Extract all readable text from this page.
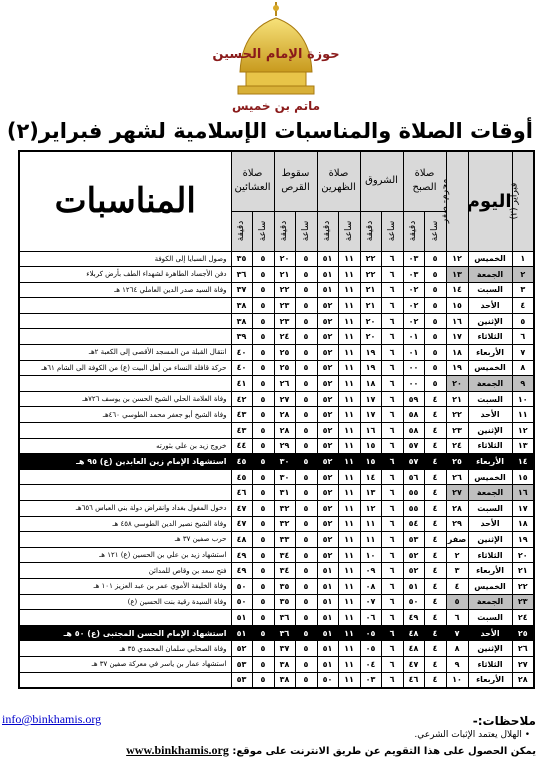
حوزة الإمام الحسين
ماتم بن خميس
أوقات الصلاة والمناسبات الإسلامية لشهر فبراير(٢)
فبراير (٢)	اليوم	محرم- صفر	صلاة الصبح		الشروق		صلاة الظهرين		سقوط القرص		صلاة العشائين		المناسبات
			ساعة	دقيقة	ساعة	دقيقة	ساعة	دقيقة	ساعة	دقيقة	ساعة	دقيقة	
١	الخميس	١٢	٥	٠٣	٦	٢٢	١١	٥١	٥	٢٠	٥	٣٥	وصول السبايا إلى الكوفة
٢	الجمعة	١٣	٥	٠٣	٦	٢٢	١١	٥١	٥	٢١	٥	٣٦	دفن الأجساد الطاهرة لشهداء الطف بأرض كربلاء
٣	السبت	١٤	٥	٠٢	٦	٢١	١١	٥١	٥	٢٢	٥	٣٧	وفاة السيد صدر الدين العاملي ١٢٦٤ هـ
٤	الأحد	١٥	٥	٠٢	٦	٢١	١١	٥٢	٥	٢٣	٥	٣٨	
٥	الإثنين	١٦	٥	٠٢	٦	٢٠	١١	٥٢	٥	٢٣	٥	٣٨	
٦	الثلاثاء	١٧	٥	٠١	٦	٢٠	١١	٥٢	٥	٢٤	٥	٣٩	
٧	الأربعاء	١٨	٥	٠١	٦	١٩	١١	٥٢	٥	٢٥	٥	٤٠	انتقال القبلة من المسجد الأقصى إلى الكعبة ٢هـ
٨	الخميس	١٩	٥	٠٠	٦	١٩	١١	٥٢	٥	٢٥	٥	٤٠	حركة قافلة النساء من أهل البيت (ع) من الكوفة الى الشام ٦١هـ
٩	الجمعة	٢٠	٥	٠٠	٦	١٨	١١	٥٢	٥	٢٦	٥	٤١	
١٠	السبت	٢١	٤	٥٩	٦	١٧	١١	٥٢	٥	٢٧	٥	٤٢	وفاة العلامة الحلي الشيخ الحسن بن يوسف ٧٢٦هـ
١١	الأحد	٢٢	٤	٥٨	٦	١٧	١١	٥٢	٥	٢٨	٥	٤٣	وفاة الشيخ أبو جعفر محمد الطوسي ٤٦٠هـ
١٢	الإثنين	٢٣	٤	٥٨	٦	١٦	١١	٥٢	٥	٢٨	٥	٤٣	
١٣	الثلاثاء	٢٤	٤	٥٧	٦	١٥	١١	٥٢	٥	٢٩	٥	٤٤	خروج زيد بن علي بثورته
١٤	الأربعاء	٢٥	٤	٥٧	٦	١٥	١١	٥٢	٥	٣٠	٥	٤٥	استشهاد الإمام زين العابدين (ع) ٩٥ هـ
١٥	الخميس	٢٦	٤	٥٦	٦	١٤	١١	٥٢	٥	٣٠	٥	٤٥	
١٦	الجمعة	٢٧	٤	٥٥	٦	١٣	١١	٥٢	٥	٣١	٥	٤٦	
١٧	السبت	٢٨	٤	٥٥	٦	١٢	١١	٥٢	٥	٣٢	٥	٤٧	دخول المغول بغداد وانقراض دولة بني العباس ٦٥٦هـ
١٨	الأحد	٢٩	٤	٥٤	٦	١١	١١	٥٢	٥	٣٢	٥	٤٧	وفاة الشيخ نصير الدين الطوسي ٤٥٨ هـ
١٩	الإثنين	صفر	٤	٥٣	٦	١١	١١	٥٢	٥	٣٣	٥	٤٨	حرب صفين ٣٧ هـ
٢٠	الثلاثاء	٢	٤	٥٢	٦	١٠	١١	٥٢	٥	٣٤	٥	٤٩	استشهاد زيد بن علي بن الحسين (ع) ١٢١ هـ
٢١	الأربعاء	٣	٤	٥٢	٦	٠٩	١١	٥١	٥	٣٤	٥	٤٩	فتح سعد بن وقاص للمدائن
٢٢	الخميس	٤	٤	٥١	٦	٠٨	١١	٥١	٥	٣٥	٥	٥٠	وفاة الخليفة الأموي عمر بن عبد العزيز ١٠١ هـ
٢٣	الجمعة	٥	٤	٥٠	٦	٠٧	١١	٥١	٥	٣٥	٥	٥٠	وفاة السيدة رقية بنت الحسين (ع)
٢٤	السبت	٦	٤	٤٩	٦	٠٦	١١	٥١	٥	٣٦	٥	٥١	
٢٥	الأحد	٧	٤	٤٨	٦	٠٥	١١	٥١	٥	٣٦	٥	٥١	استشهاد الإمام الحسن المجتبى (ع) ٥٠ هـ
٢٦	الإثنين	٨	٤	٤٨	٦	٠٥	١١	٥١	٥	٣٧	٥	٥٢	وفاة الصحابي سلمان المحمدي ٣٥ هـ
٢٧	الثلاثاء	٩	٤	٤٧	٦	٠٤	١١	٥١	٥	٣٨	٥	٥٣	استشهاد عمار بن ياسر في معركة صفين ٣٧ هـ
٢٨	الأربعاء	١٠	٤	٤٦	٦	٠٣	١١	٥٠	٥	٣٨	٥	٥٣	
info@binkhamis.org	ملاحظات:-
• الهلال يعتمد الإثبات الشرعي.
يمكن الحصول على هذا التقويم عن طريق الانترنت على موقع: www.binkhamis.org
